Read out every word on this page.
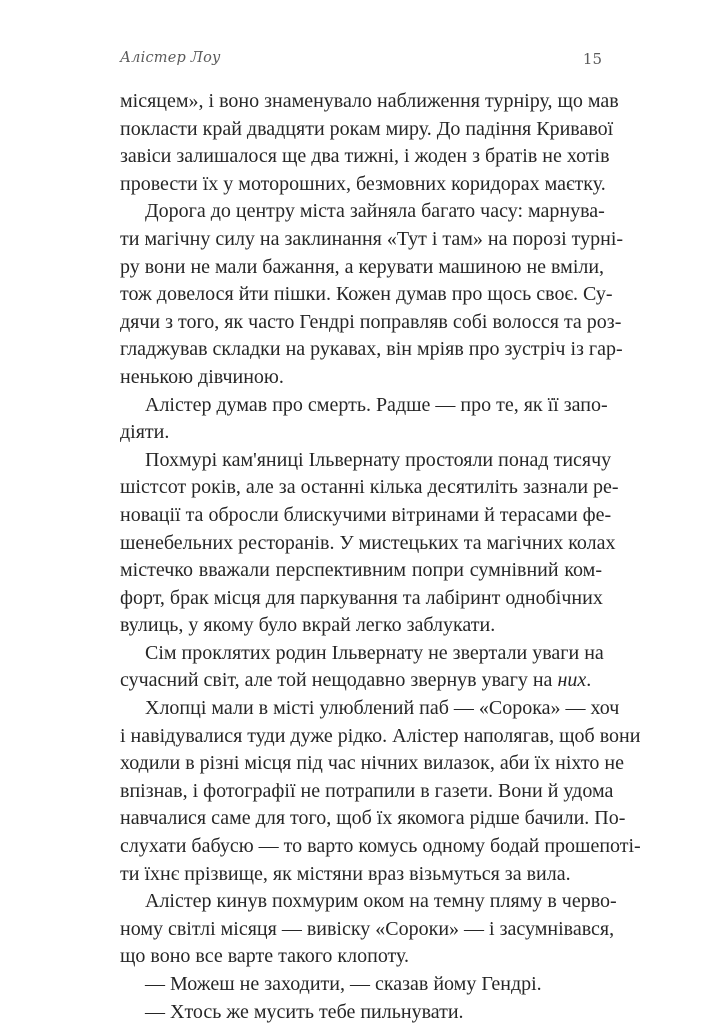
Алістер Лоу	15
місяцем», і воно знаменувало наближення турніру, що мав
покласти край двадцяти рокам миру. До падіння Кривавої
завіси залишалося ще два тижні, і жоден з братів не хотів
провести їх у моторошних, безмовних коридорах маєтку.
Дорога до центру міста зайняла багато часу: марнува-
ти магічну силу на заклинання «Тут і там» на порозі турні-
ру вони не мали бажання, а керувати машиною не вміли,
тож довелося йти пішки. Кожен думав про щось своє. Су-
дячи з того, як часто Гендрі поправляв собі волосся та роз-
гладжував складки на рукавах, він мріяв про зустріч із гар-
ненькою дівчиною.
Алістер думав про смерть. Радше — про те, як її запо-
діяти.
Похмурі кам'яниці Ільвернату простояли понад тисячу
шістсот років, але за останні кілька десятиліть зазнали ре-
новації та обросли блискучими вітринами й терасами фе-
шенебельних ресторанів. У мистецьких та магічних колах
містечко вважали перспективним попри сумнівний ком-
форт, брак місця для паркування та лабіринт однобічних
вулиць, у якому було вкрай легко заблукати.
Сім проклятих родин Ільвернату не звертали уваги на
сучасний світ, але той нещодавно звернув увагу на них.
Хлопці мали в місті улюблений паб — «Сорока» — хоч
і навідувалися туди дуже рідко. Алістер наполягав, щоб вони
ходили в різні місця під час нічних вилазок, аби їх ніхто не
впізнав, і фотографії не потрапили в газети. Вони й удома
навчалися саме для того, щоб їх якомога рідше бачили. По-
слухати бабусю — то варто комусь одному бодай прошепоті-
ти їхнє прізвище, як містяни враз візьмуться за вила.
Алістер кинув похмурим оком на темну пляму в черво-
ному світлі місяця — вивіску «Сороки» — і засумнівався,
що воно все варте такого клопоту.
— Можеш не заходити, — сказав йому Гендрі.
— Хтось же мусить тебе пильнувати.
